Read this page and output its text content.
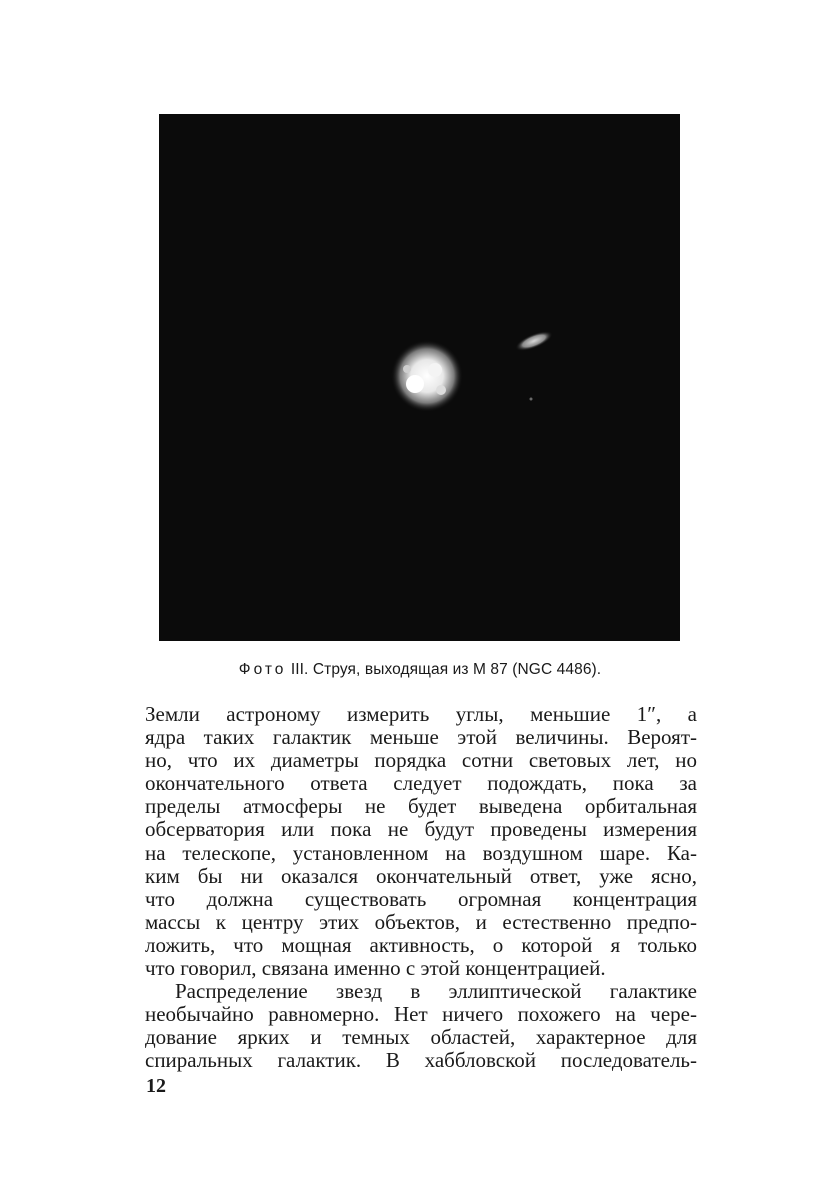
Фото III. Струя, выходящая из M 87 (NGC 4486).
Земли астроному измерить углы, меньшие 1″, а
ядра таких галактик меньше этой величины. Вероят-
но, что их диаметры порядка сотни световых лет, но
окончательного ответа следует подождать, пока за
пределы атмосферы не будет выведена орбитальная
обсерватория или пока не будут проведены измерения
на телескопе, установленном на воздушном шаре. Ка-
ким бы ни оказался окончательный ответ, уже ясно,
что должна существовать огромная концентрация
массы к центру этих объектов, и естественно предпо-
ложить, что мощная активность, о которой я только
что говорил, связана именно с этой концентрацией.
Распределение звезд в эллиптической галактике
необычайно равномерно. Нет ничего похожего на чере-
дование ярких и темных областей, характерное для
спиральных галактик. В хаббловской последователь-
12
